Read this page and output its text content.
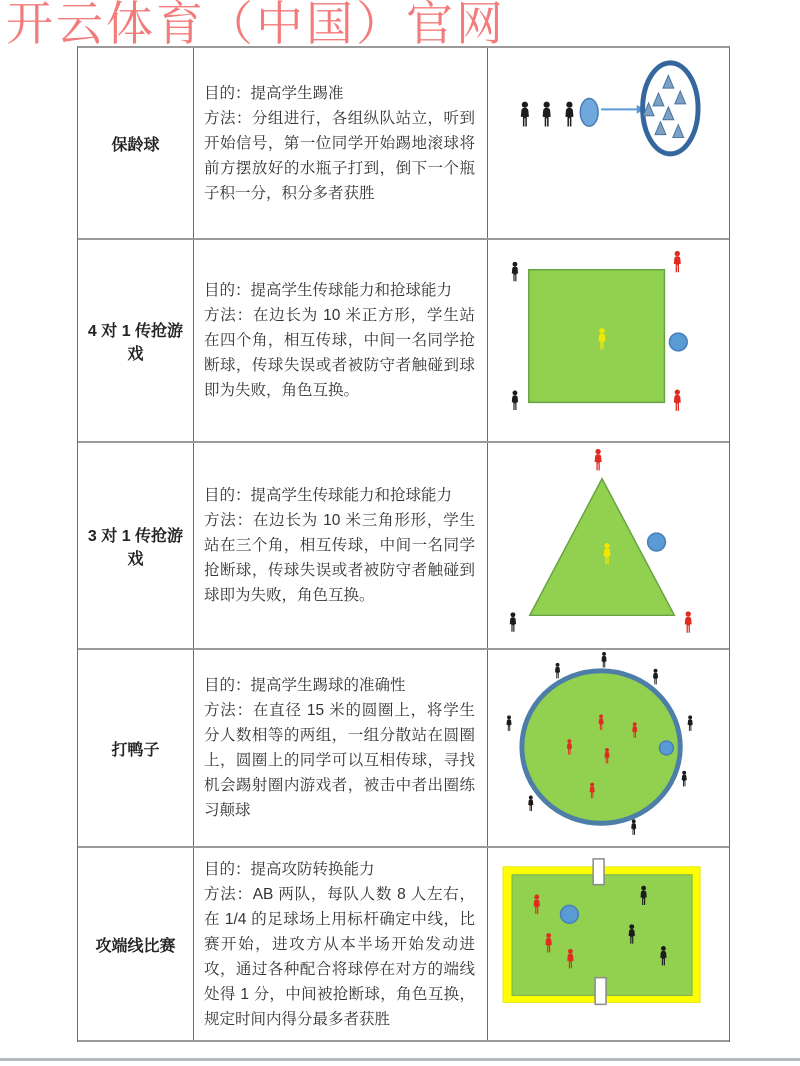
开云体育（中国）官网
保龄球

目的：提高学生踢准

方法：分组进行，各组纵队站立，听到开始信号，第一位同学开始踢地滚球将前方摆放好的水瓶子打到，倒下一个瓶子积一分，积分多者获胜

4 对 1 传抢游戏

目的：提高学生传球能力和抢球能力

方法：在边长为 10 米正方形，学生站在四个角，相互传球，中间一名同学抢断球，传球失误或者被防守者触碰到球即为失败，角色互换。

3 对 1 传抢游戏

目的：提高学生传球能力和抢球能力

方法：在边长为 10 米三角形形，学生站在三个角，相互传球，中间一名同学抢断球，传球失误或者被防守者触碰到球即为失败，角色互换。

打鸭子

目的：提高学生踢球的准确性

方法：在直径 15 米的圆圈上，将学生分人数相等的两组，一组分散站在圆圈上，圆圈上的同学可以互相传球，寻找机会踢射圈内游戏者，被击中者出圈练习颠球

攻端线比赛

目的：提高攻防转换能力

方法：AB 两队，每队人数 8 人左右，在 1/4 的足球场上用标杆确定中线，比赛开始，进攻方从本半场开始发动进攻，通过各种配合将球停在对方的端线处得 1 分，中间被抢断球，角色互换，规定时间内得分最多者获胜
